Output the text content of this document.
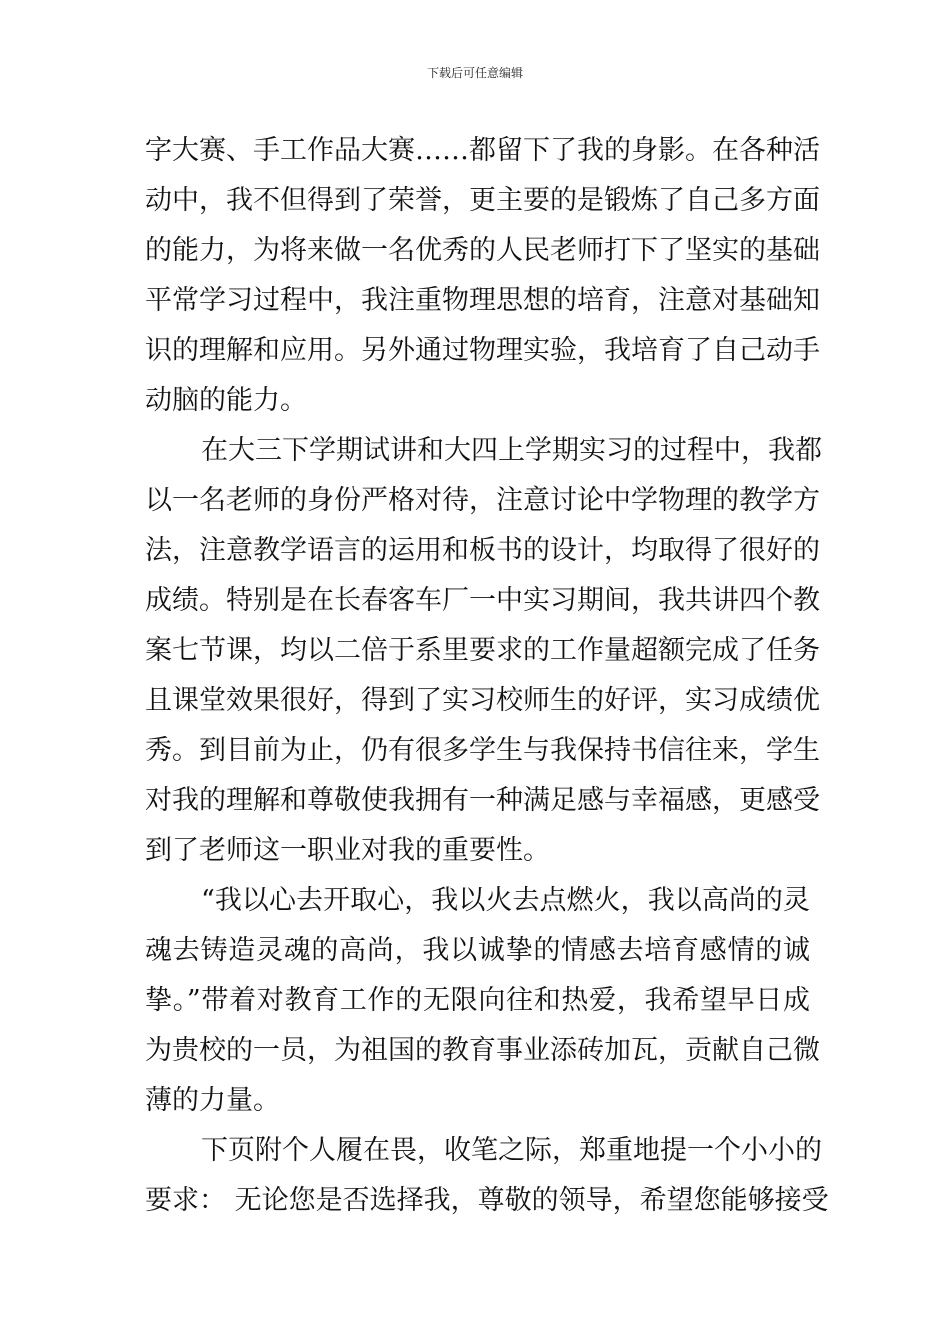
下载后可任意编辑
字大赛、手工作品大赛……都留下了我的身影。在各种活
动中，我不但得到了荣誉，更主要的是锻炼了自己多方面
的能力，为将来做一名优秀的人民老师打下了坚实的基础
平常学习过程中，我注重物理思想的培育，注意对基础知
识的理解和应用。另外通过物理实验，我培育了自己动手
动脑的能力。
在大三下学期试讲和大四上学期实习的过程中，我都
以一名老师的身份严格对待，注意讨论中学物理的教学方
法，注意教学语言的运用和板书的设计，均取得了很好的
成绩。特别是在长春客车厂一中实习期间，我共讲四个教
案七节课，均以二倍于系里要求的工作量超额完成了任务
且课堂效果很好，得到了实习校师生的好评，实习成绩优
秀。到目前为止，仍有很多学生与我保持书信往来，学生
对我的理解和尊敬使我拥有一种满足感与幸福感，更感受
到了老师这一职业对我的重要性。
“我以心去开取心，我以火去点燃火，我以高尚的灵
魂去铸造灵魂的高尚，我以诚挚的情感去培育感情的诚
挚。”带着对教育工作的无限向往和热爱，我希望早日成
为贵校的一员，为祖国的教育事业添砖加瓦，贡献自己微
薄的力量。
下页附个人履在畏，收笔之际，郑重地提一个小小的
要求： 无论您是否选择我，尊敬的领导，希望您能够接受
